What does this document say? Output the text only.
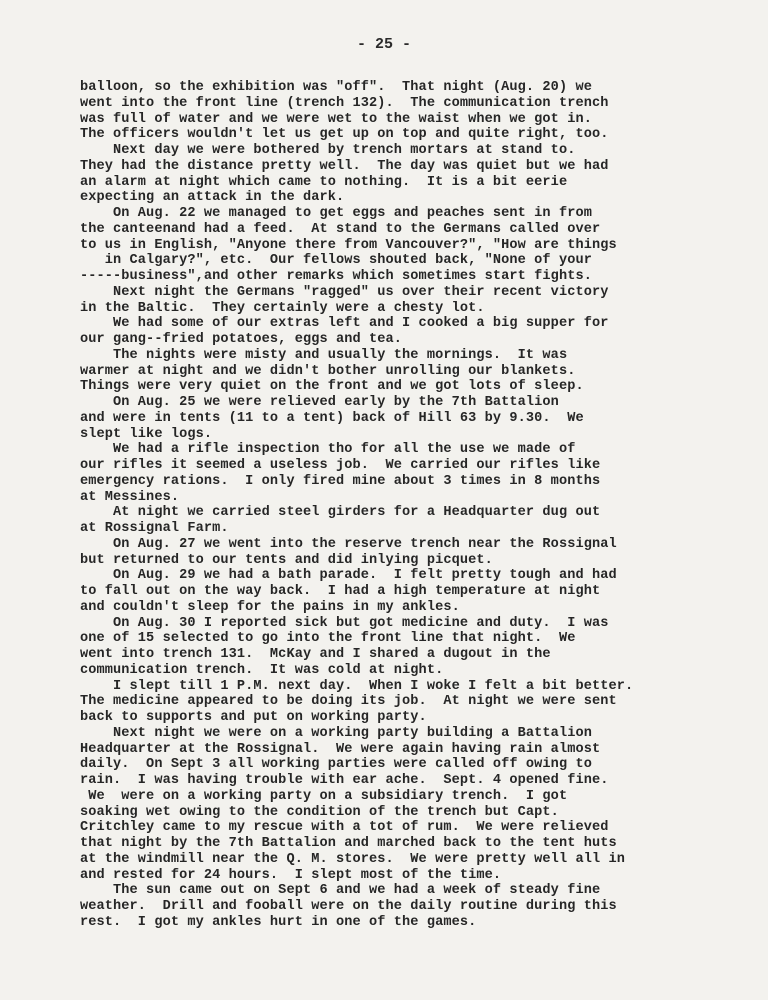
- 25 -
balloon, so the exhibition was "off".  That night (Aug. 20) we
went into the front line (trench 132).  The communication trench
was full of water and we were wet to the waist when we got in.
The officers wouldn't let us get up on top and quite right, too.
Next day we were bothered by trench mortars at stand to.
They had the distance pretty well.  The day was quiet but we had
an alarm at night which came to nothing.  It is a bit eerie
expecting an attack in the dark.
On Aug. 22 we managed to get eggs and peaches sent in from
the canteenand had a feed.  At stand to the Germans called over
to us in English, "Anyone there from Vancouver?", "How are things
in Calgary?", etc.  Our fellows shouted back, "None of your
-----business",and other remarks which sometimes start fights.
Next night the Germans "ragged" us over their recent victory
in the Baltic.  They certainly were a chesty lot.
We had some of our extras left and I cooked a big supper for
our gang--fried potatoes, eggs and tea.
The nights were misty and usually the mornings.  It was
warmer at night and we didn't bother unrolling our blankets.
Things were very quiet on the front and we got lots of sleep.
On Aug. 25 we were relieved early by the 7th Battalion
and were in tents (11 to a tent) back of Hill 63 by 9.30.  We
slept like logs.
We had a rifle inspection tho for all the use we made of
our rifles it seemed a useless job.  We carried our rifles like
emergency rations.  I only fired mine about 3 times in 8 months
at Messines.
At night we carried steel girders for a Headquarter dug out
at Rossignal Farm.
On Aug. 27 we went into the reserve trench near the Rossignal
but returned to our tents and did inlying picquet.
On Aug. 29 we had a bath parade.  I felt pretty tough and had
to fall out on the way back.  I had a high temperature at night
and couldn't sleep for the pains in my ankles.
On Aug. 30 I reported sick but got medicine and duty.  I was
one of 15 selected to go into the front line that night.  We
went into trench 131.  McKay and I shared a dugout in the
communication trench.  It was cold at night.
I slept till 1 P.M. next day.  When I woke I felt a bit better.
The medicine appeared to be doing its job.  At night we were sent
back to supports and put on working party.
Next night we were on a working party building a Battalion
Headquarter at the Rossignal.  We were again having rain almost
daily.  On Sept 3 all working parties were called off owing to
rain.  I was having trouble with ear ache.  Sept. 4 opened fine.
We  were on a working party on a subsidiary trench.  I got
soaking wet owing to the condition of the trench but Capt.
Critchley came to my rescue with a tot of rum.  We were relieved
that night by the 7th Battalion and marched back to the tent huts
at the windmill near the Q. M. stores.  We were pretty well all in
and rested for 24 hours.  I slept most of the time.
The sun came out on Sept 6 and we had a week of steady fine
weather.  Drill and fooball were on the daily routine during this
rest.  I got my ankles hurt in one of the games.
